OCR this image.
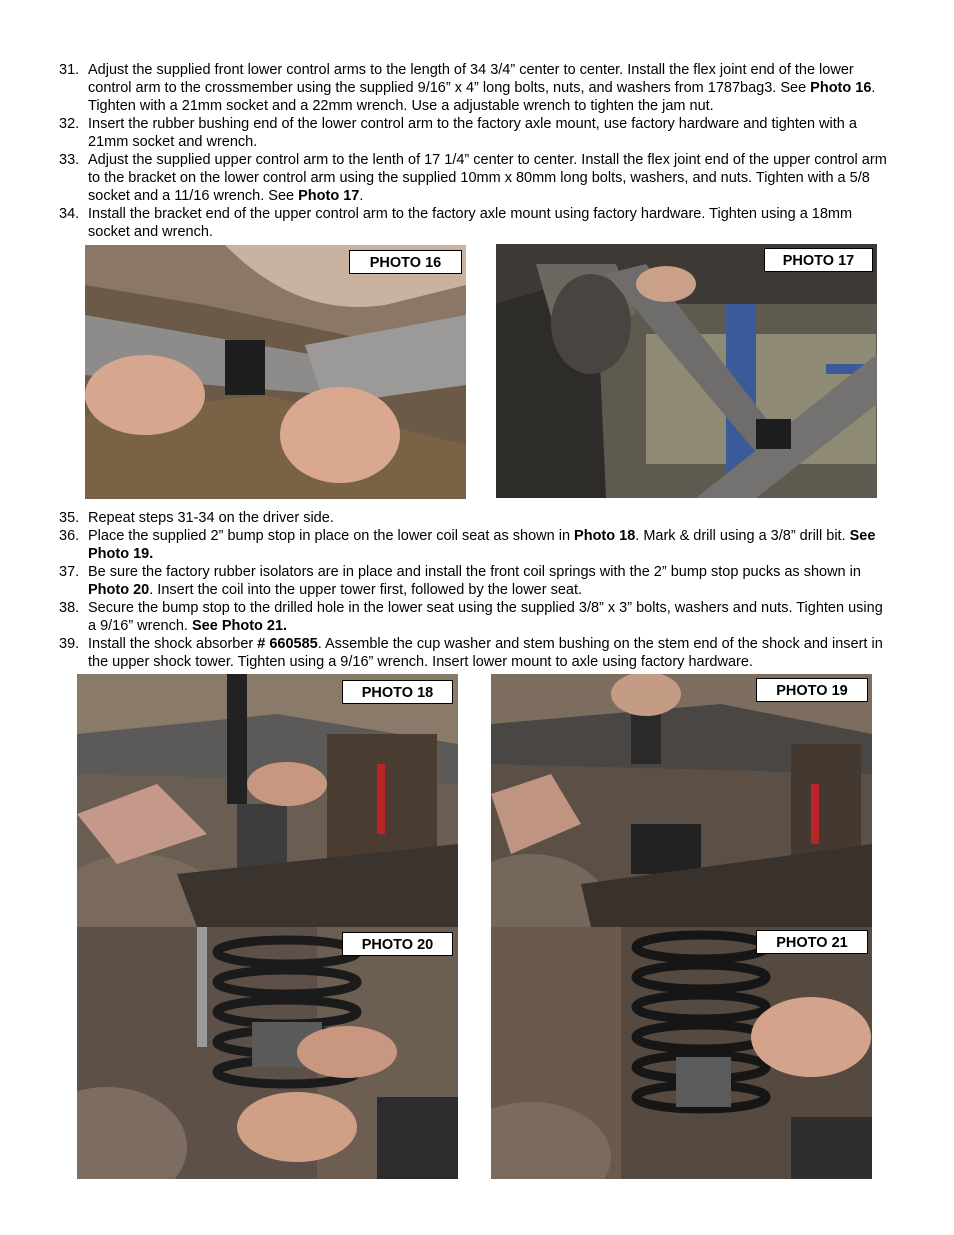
31. Adjust the supplied front lower control arms to the length of 34 3/4” center to center. Install the flex joint end of the lower control arm to the crossmember using the supplied 9/16” x 4” long bolts, nuts, and washers from 1787bag3. See Photo 16. Tighten with a 21mm socket and a 22mm wrench. Use a adjustable wrench to tighten the jam nut.
32. Insert the rubber bushing end of the lower control arm to the factory axle mount, use factory hardware and tighten with a 21mm socket and wrench.
33. Adjust the supplied upper control arm to the lenth of 17 1/4” center to center. Install the flex joint end of the upper control arm to the bracket on the lower control arm using the supplied 10mm x 80mm long bolts, washers, and nuts. Tighten with a 5/8 socket and a 11/16 wrench. See Photo 17.
34. Install the bracket end of the upper control arm to the factory axle mount using factory hardware. Tighten using a 18mm socket and wrench.
PHOTO 16	PHOTO 17
35. Repeat steps 31-34 on the driver side.
36. Place the supplied 2” bump stop in place on the lower coil seat as shown in Photo 18. Mark & drill using a 3/8” drill bit. See Photo 19.
37. Be sure the factory rubber isolators are in place and install the front coil springs with the 2” bump stop pucks as shown in Photo 20. Insert the coil into the upper tower first, followed by the lower seat.
38. Secure the bump stop to the drilled hole in the lower seat using the supplied 3/8” x 3” bolts, washers and nuts. Tighten using a 9/16” wrench. See Photo 21.
39. Install the shock absorber # 660585. Assemble the cup washer and stem bushing on the stem end of the shock and insert in the upper shock tower. Tighten using a 9/16” wrench. Insert lower mount to axle using factory hardware.
PHOTO 18	PHOTO 19
PHOTO 20	PHOTO 21
